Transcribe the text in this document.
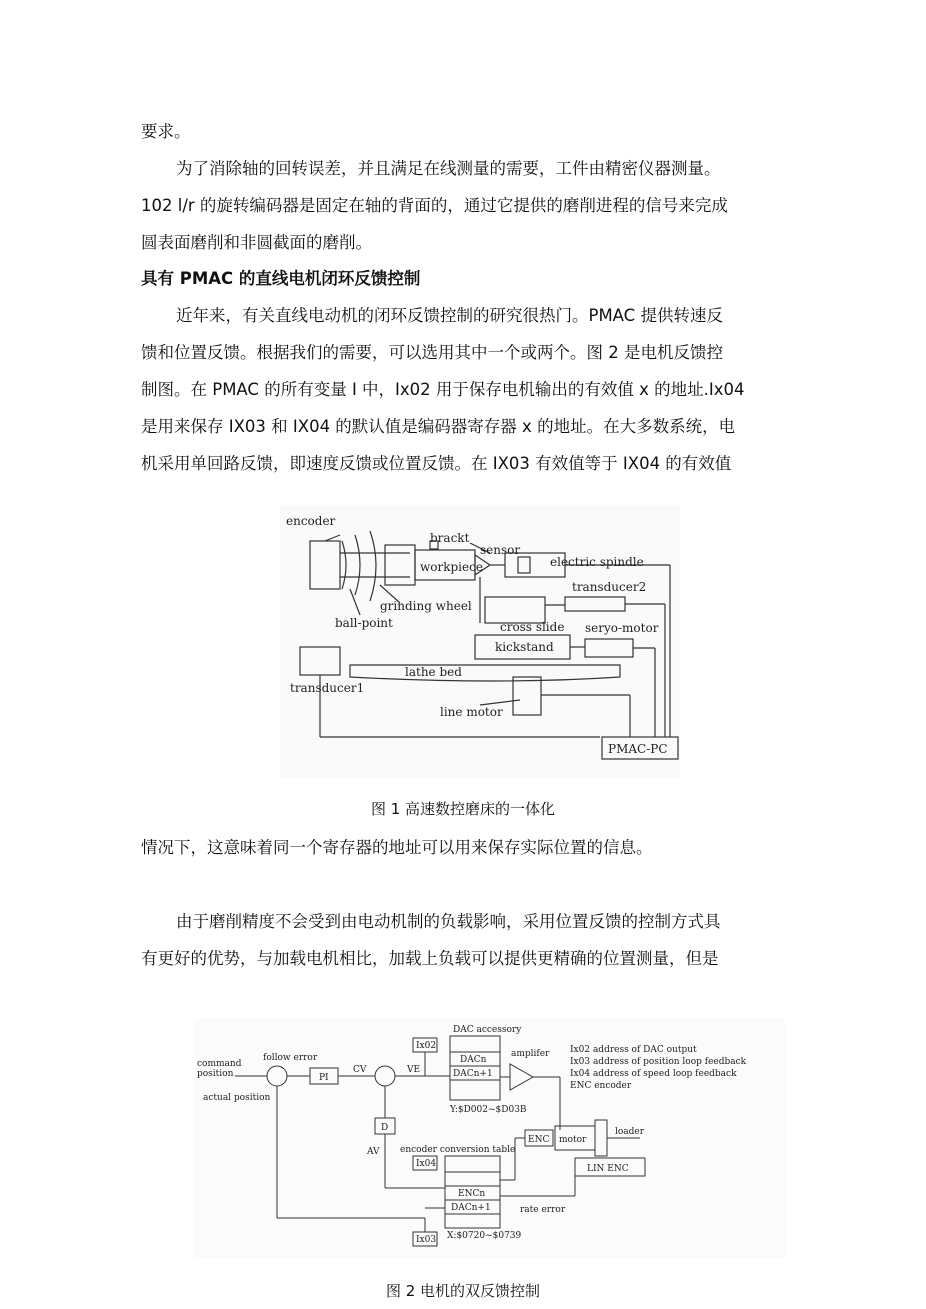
要求。

为了消除轴的回转误差，并且满足在线测量的需要，工件由精密仪器测量。
102 l/r 的旋转编码器是固定在轴的背面的，通过它提供的磨削进程的信号来完成
圆表面磨削和非圆截面的磨削。

具有 PMAC 的直线电机闭环反馈控制

近年来，有关直线电动机的闭环反馈控制的研究很热门。PMAC 提供转速反
馈和位置反馈。根据我们的需要，可以选用其中一个或两个。图 2 是电机反馈控
制图。在 PMAC 的所有变量 I 中，Ix02 用于保存电机输出的有效值 x 的地址.Ix04
是用来保存 IX03 和 IX04 的默认值是编码器寄存器 x 的地址。在大多数系统，电
机采用单回路反馈，即速度反馈或位置反馈。在 IX03 有效值等于 IX04 的有效值

encoder
brackt
sensor
workpiece	electric spindle
transducer2
grinding wheel
ball-point	cross slide seryo-motor
kickstand
lathe bed
transducer1
line motor
PMAC-PC

图 1 高速数控磨床的一体化

情况下，这意味着同一个寄存器的地址可以用来保存实际位置的信息。

由于磨削精度不会受到由电动机制的负载影响，采用位置反馈的控制方式具
有更好的优势，与加载电机相比，加载上负载可以提供更精确的位置测量，但是

command
position
actual position
follow error
PI
CV	VE
Ix02
DAC accessory
DACn
DACn+1
Y:$D002~$D03B
amplifer Ix02 address of DAC output
Ix03 address of position loop feedback
Ix04 address of speed loop feedback
ENC encoder
D
AV encoder conversion table
Ix04
ENCn
DACn+1
X:$0720~$0739
ENC motor
loader
LIN ENC
rate error
Ix03

图 2 电机的双反馈控制
